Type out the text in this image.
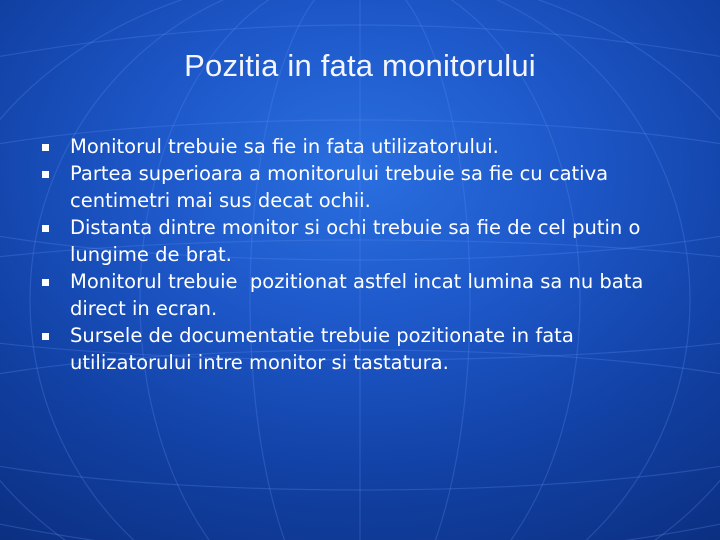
Pozitia in fata monitorului
Monitorul trebuie sa fie in fata utilizatorului.
Partea superioara a monitorului trebuie sa fie cu cativa centimetri mai sus decat ochii.
Distanta dintre monitor si ochi trebuie sa fie de cel putin o lungime de brat.
Monitorul trebuie  pozitionat astfel incat lumina sa nu bata direct in ecran.
Sursele de documentatie trebuie pozitionate in fata utilizatorului intre monitor si tastatura.
